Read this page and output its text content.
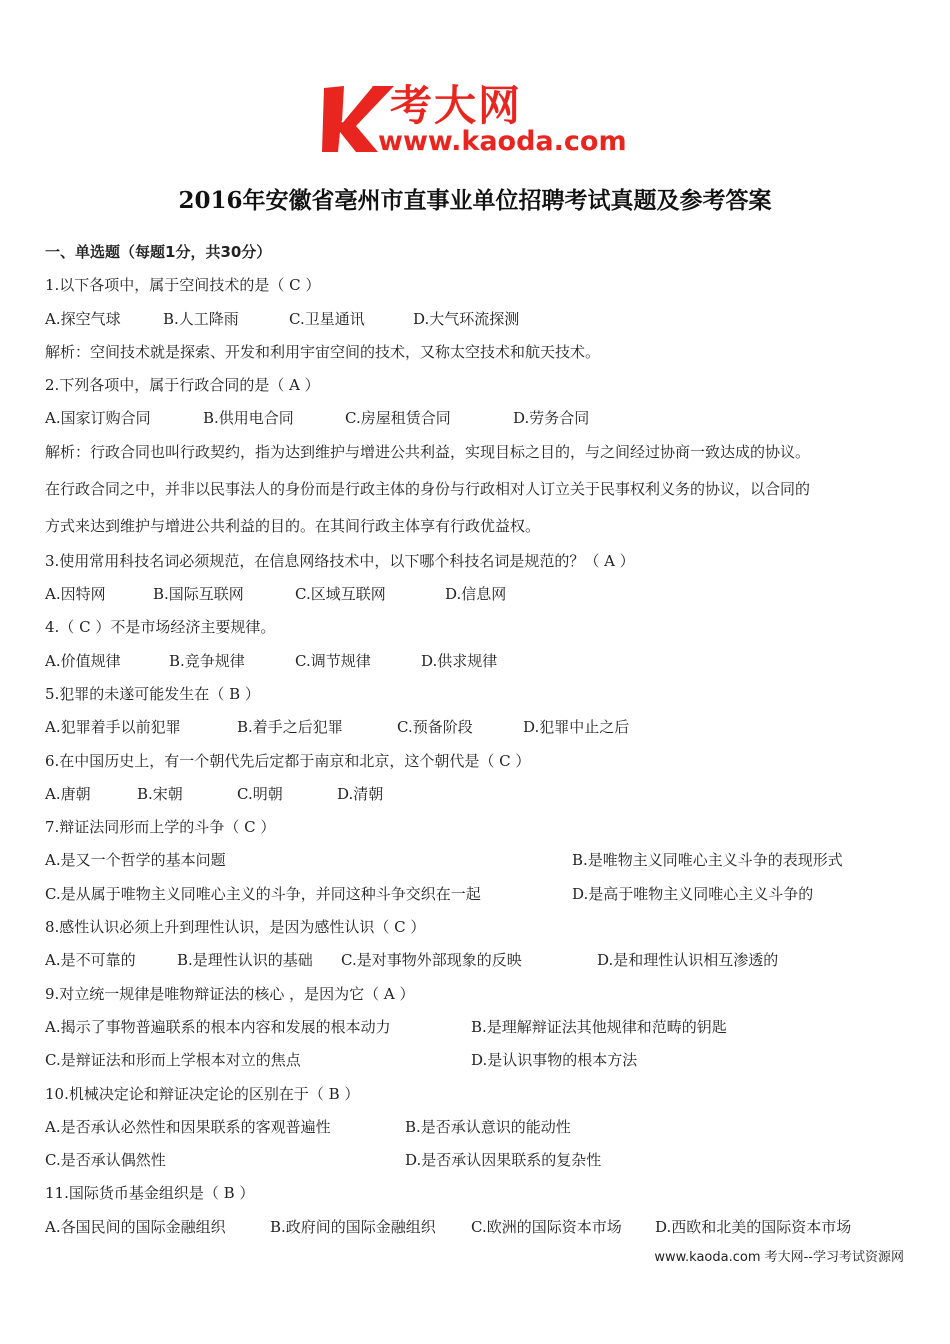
考大网
www.kaoda.com
2016年安徽省亳州市直事业单位招聘考试真题及参考答案
一、单选题（每题1分，共30分）
1.以下各项中，属于空间技术的是（ C ）
A.探空气球	B.人工降雨	C.卫星通讯	D.大气环流探测
解析：空间技术就是探索、开发和利用宇宙空间的技术，又称太空技术和航天技术。
2.下列各项中，属于行政合同的是（ A ）
A.国家订购合同	B.供用电合同	C.房屋租赁合同	D.劳务合同
解析：行政合同也叫行政契约，指为达到维护与增进公共利益，实现目标之目的，与之间经过协商一致达成的协议。
在行政合同之中，并非以民事法人的身份而是行政主体的身份与行政相对人订立关于民事权利义务的协议，以合同的
方式来达到维护与增进公共利益的目的。在其间行政主体享有行政优益权。
3.使用常用科技名词必须规范，在信息网络技术中，以下哪个科技名词是规范的？（ A ）
A.因特网	B.国际互联网	C.区域互联网	D.信息网
4.（ C ）不是市场经济主要规律。
A.价值规律	B.竞争规律	C.调节规律	D.供求规律
5.犯罪的未遂可能发生在（ B ）
A.犯罪着手以前犯罪	B.着手之后犯罪	C.预备阶段	D.犯罪中止之后
6.在中国历史上，有一个朝代先后定都于南京和北京，这个朝代是（ C ）
A.唐朝	B.宋朝	C.明朝	D.清朝
7.辩证法同形而上学的斗争（ C ）
A.是又一个哲学的基本问题	B.是唯物主义同唯心主义斗争的表现形式
C.是从属于唯物主义同唯心主义的斗争，并同这种斗争交织在一起	D.是高于唯物主义同唯心主义斗争的
8.感性认识必须上升到理性认识，是因为感性认识（ C ）
A.是不可靠的	B.是理性认识的基础 C.是对事物外部现象的反映	D.是和理性认识相互渗透的
9.对立统一规律是唯物辩证法的核心 ，是因为它（ A ）
A.揭示了事物普遍联系的根本内容和发展的根本动力	B.是理解辩证法其他规律和范畴的钥匙
C.是辩证法和形而上学根本对立的焦点	D.是认识事物的根本方法
10.机械决定论和辩证决定论的区别在于（ B ）
A.是否承认必然性和因果联系的客观普遍性	B.是否承认意识的能动性
C.是否承认偶然性	D.是否承认因果联系的复杂性
11.国际货币基金组织是（ B ）
A.各国民间的国际金融组织	B.政府间的国际金融组织 C.欧洲的国际资本市场 D.西欧和北美的国际资本市场
www.kaoda.com 考大网--学习考试资源网
